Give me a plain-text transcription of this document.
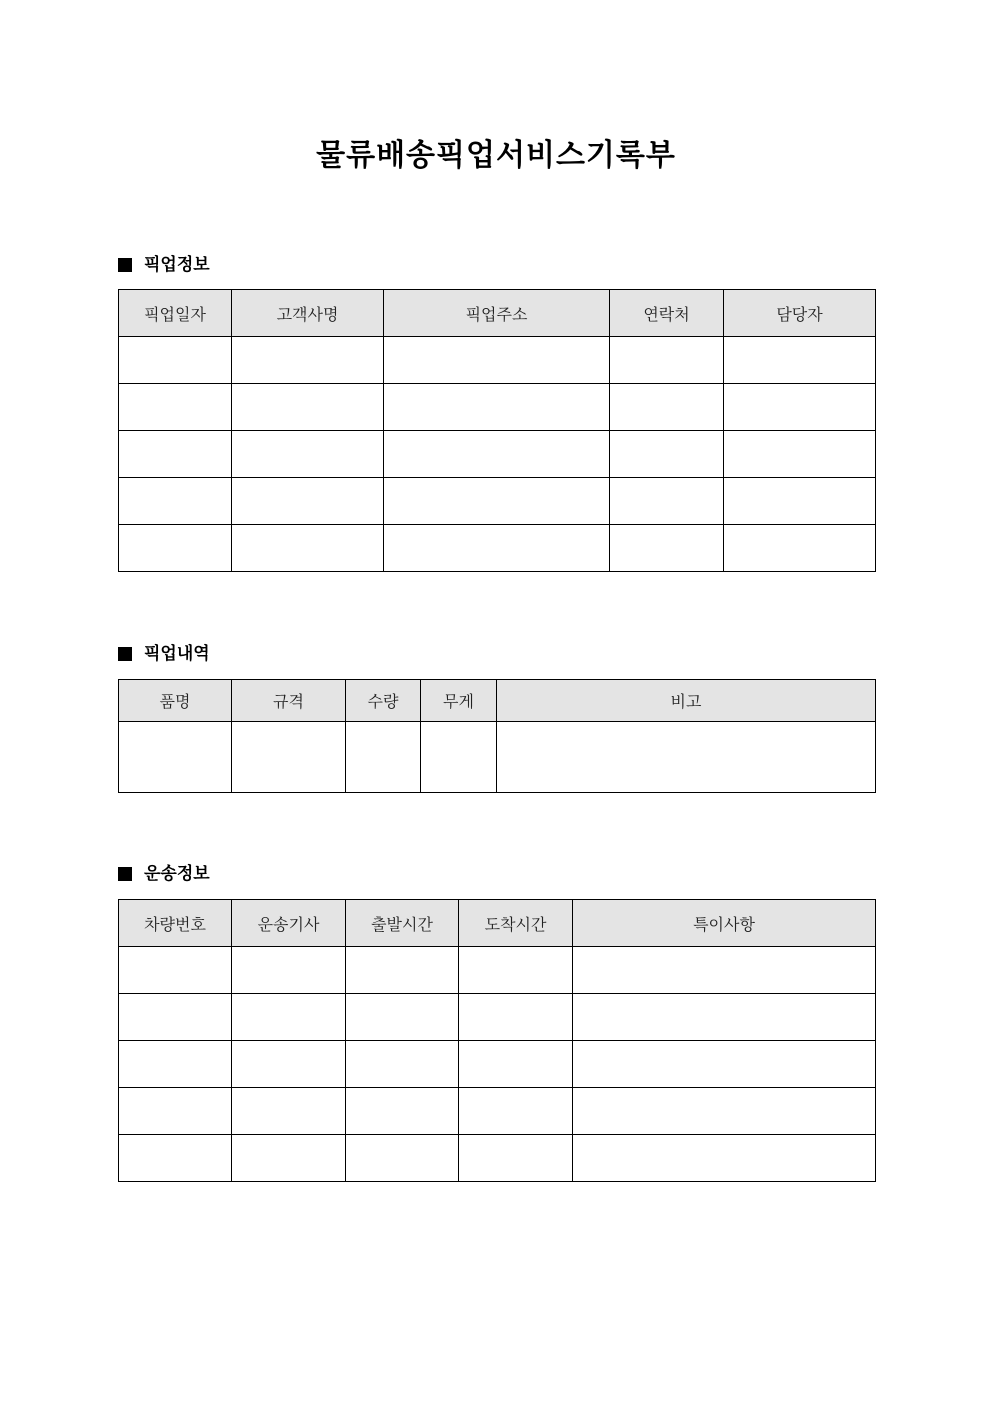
물류배송픽업서비스기록부
픽업정보
픽업일자	고객사명	픽업주소	연락처	담당자

픽업내역
품명	규격	수량	무게	비고

운송정보
차량번호	운송기사	출발시간	도착시간	특이사항
